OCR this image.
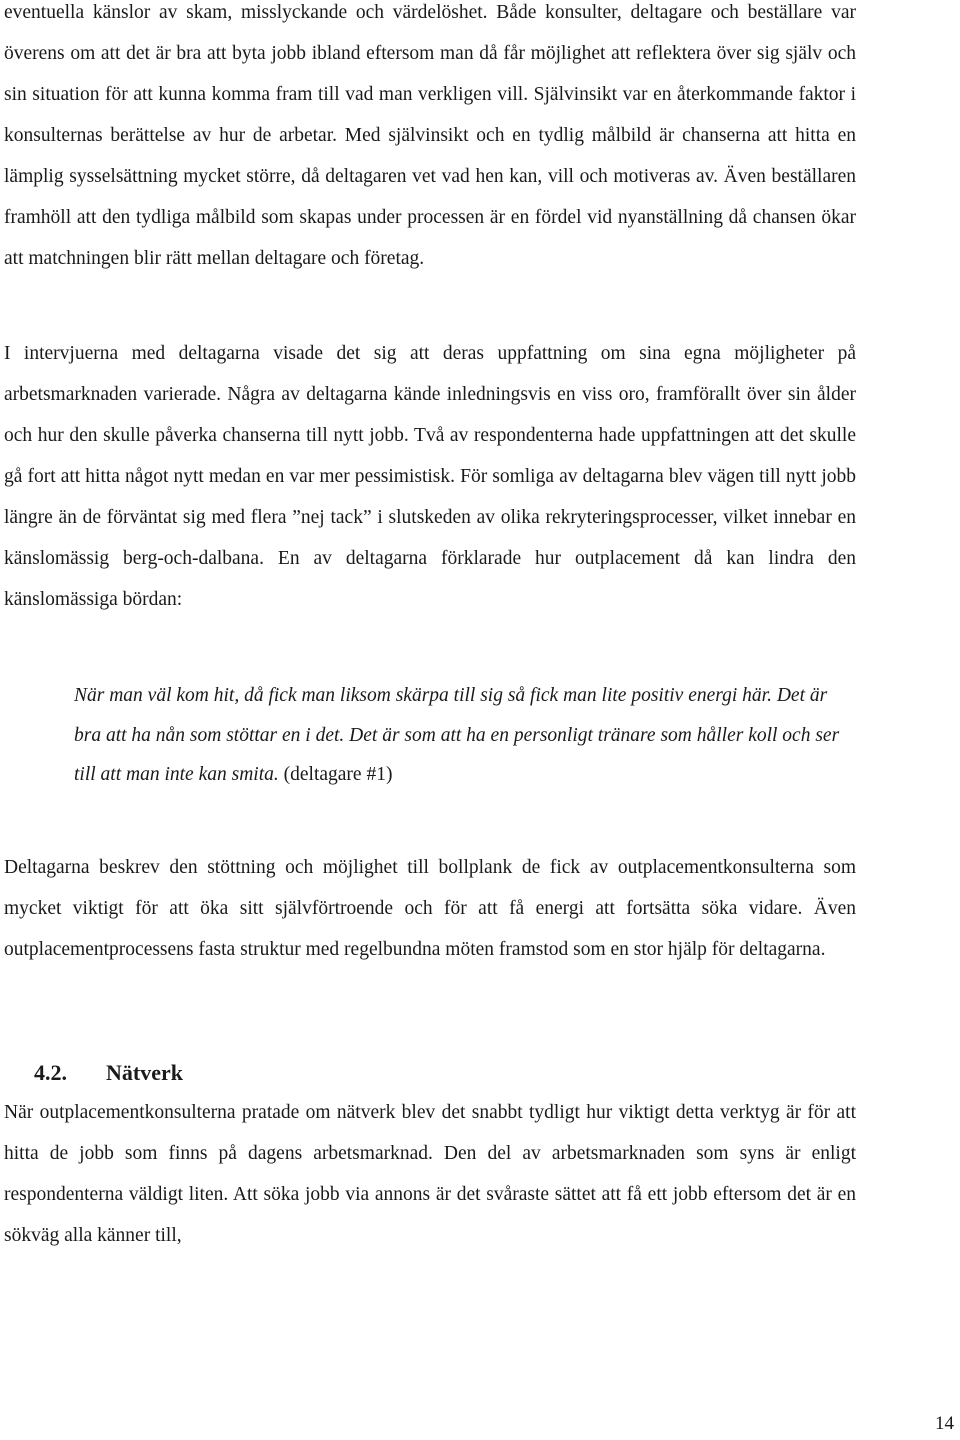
eventuella känslor av skam, misslyckande och värdelöshet. Både konsulter, deltagare och beställare var överens om att det är bra att byta jobb ibland eftersom man då får möjlighet att reflektera över sig själv och sin situation för att kunna komma fram till vad man verkligen vill. Självinsikt var en återkommande faktor i konsulternas berättelse av hur de arbetar. Med självinsikt och en tydlig målbild är chanserna att hitta en lämplig sysselsättning mycket större, då deltagaren vet vad hen kan, vill och motiveras av. Även beställaren framhöll att den tydliga målbild som skapas under processen är en fördel vid nyanställning då chansen ökar att matchningen blir rätt mellan deltagare och företag.

I intervjuerna med deltagarna visade det sig att deras uppfattning om sina egna möjligheter på arbetsmarknaden varierade. Några av deltagarna kände inledningsvis en viss oro, framförallt över sin ålder och hur den skulle påverka chanserna till nytt jobb. Två av respondenterna hade uppfattningen att det skulle gå fort att hitta något nytt medan en var mer pessimistisk. För somliga av deltagarna blev vägen till nytt jobb längre än de förväntat sig med flera ”nej tack” i slutskeden av olika rekryteringsprocesser, vilket innebar en känslomässig berg-och-dalbana. En av deltagarna förklarade hur outplacement då kan lindra den känslomässiga bördan:

När man väl kom hit, då fick man liksom skärpa till sig så fick man lite positiv energi här. Det är bra att ha nån som stöttar en i det. Det är som att ha en personligt tränare som håller koll och ser till att man inte kan smita. (deltagare #1)

Deltagarna beskrev den stöttning och möjlighet till bollplank de fick av outplacementkonsulterna som mycket viktigt för att öka sitt självförtroende och för att få energi att fortsätta söka vidare. Även outplacementprocessens fasta struktur med regelbundna möten framstod som en stor hjälp för deltagarna.

4.2. Nätverk

När outplacementkonsulterna pratade om nätverk blev det snabbt tydligt hur viktigt detta verktyg är för att hitta de jobb som finns på dagens arbetsmarknad. Den del av arbetsmarknaden som syns är enligt respondenterna väldigt liten. Att söka jobb via annons är det svåraste sättet att få ett jobb eftersom det är en sökväg alla känner till,

14
